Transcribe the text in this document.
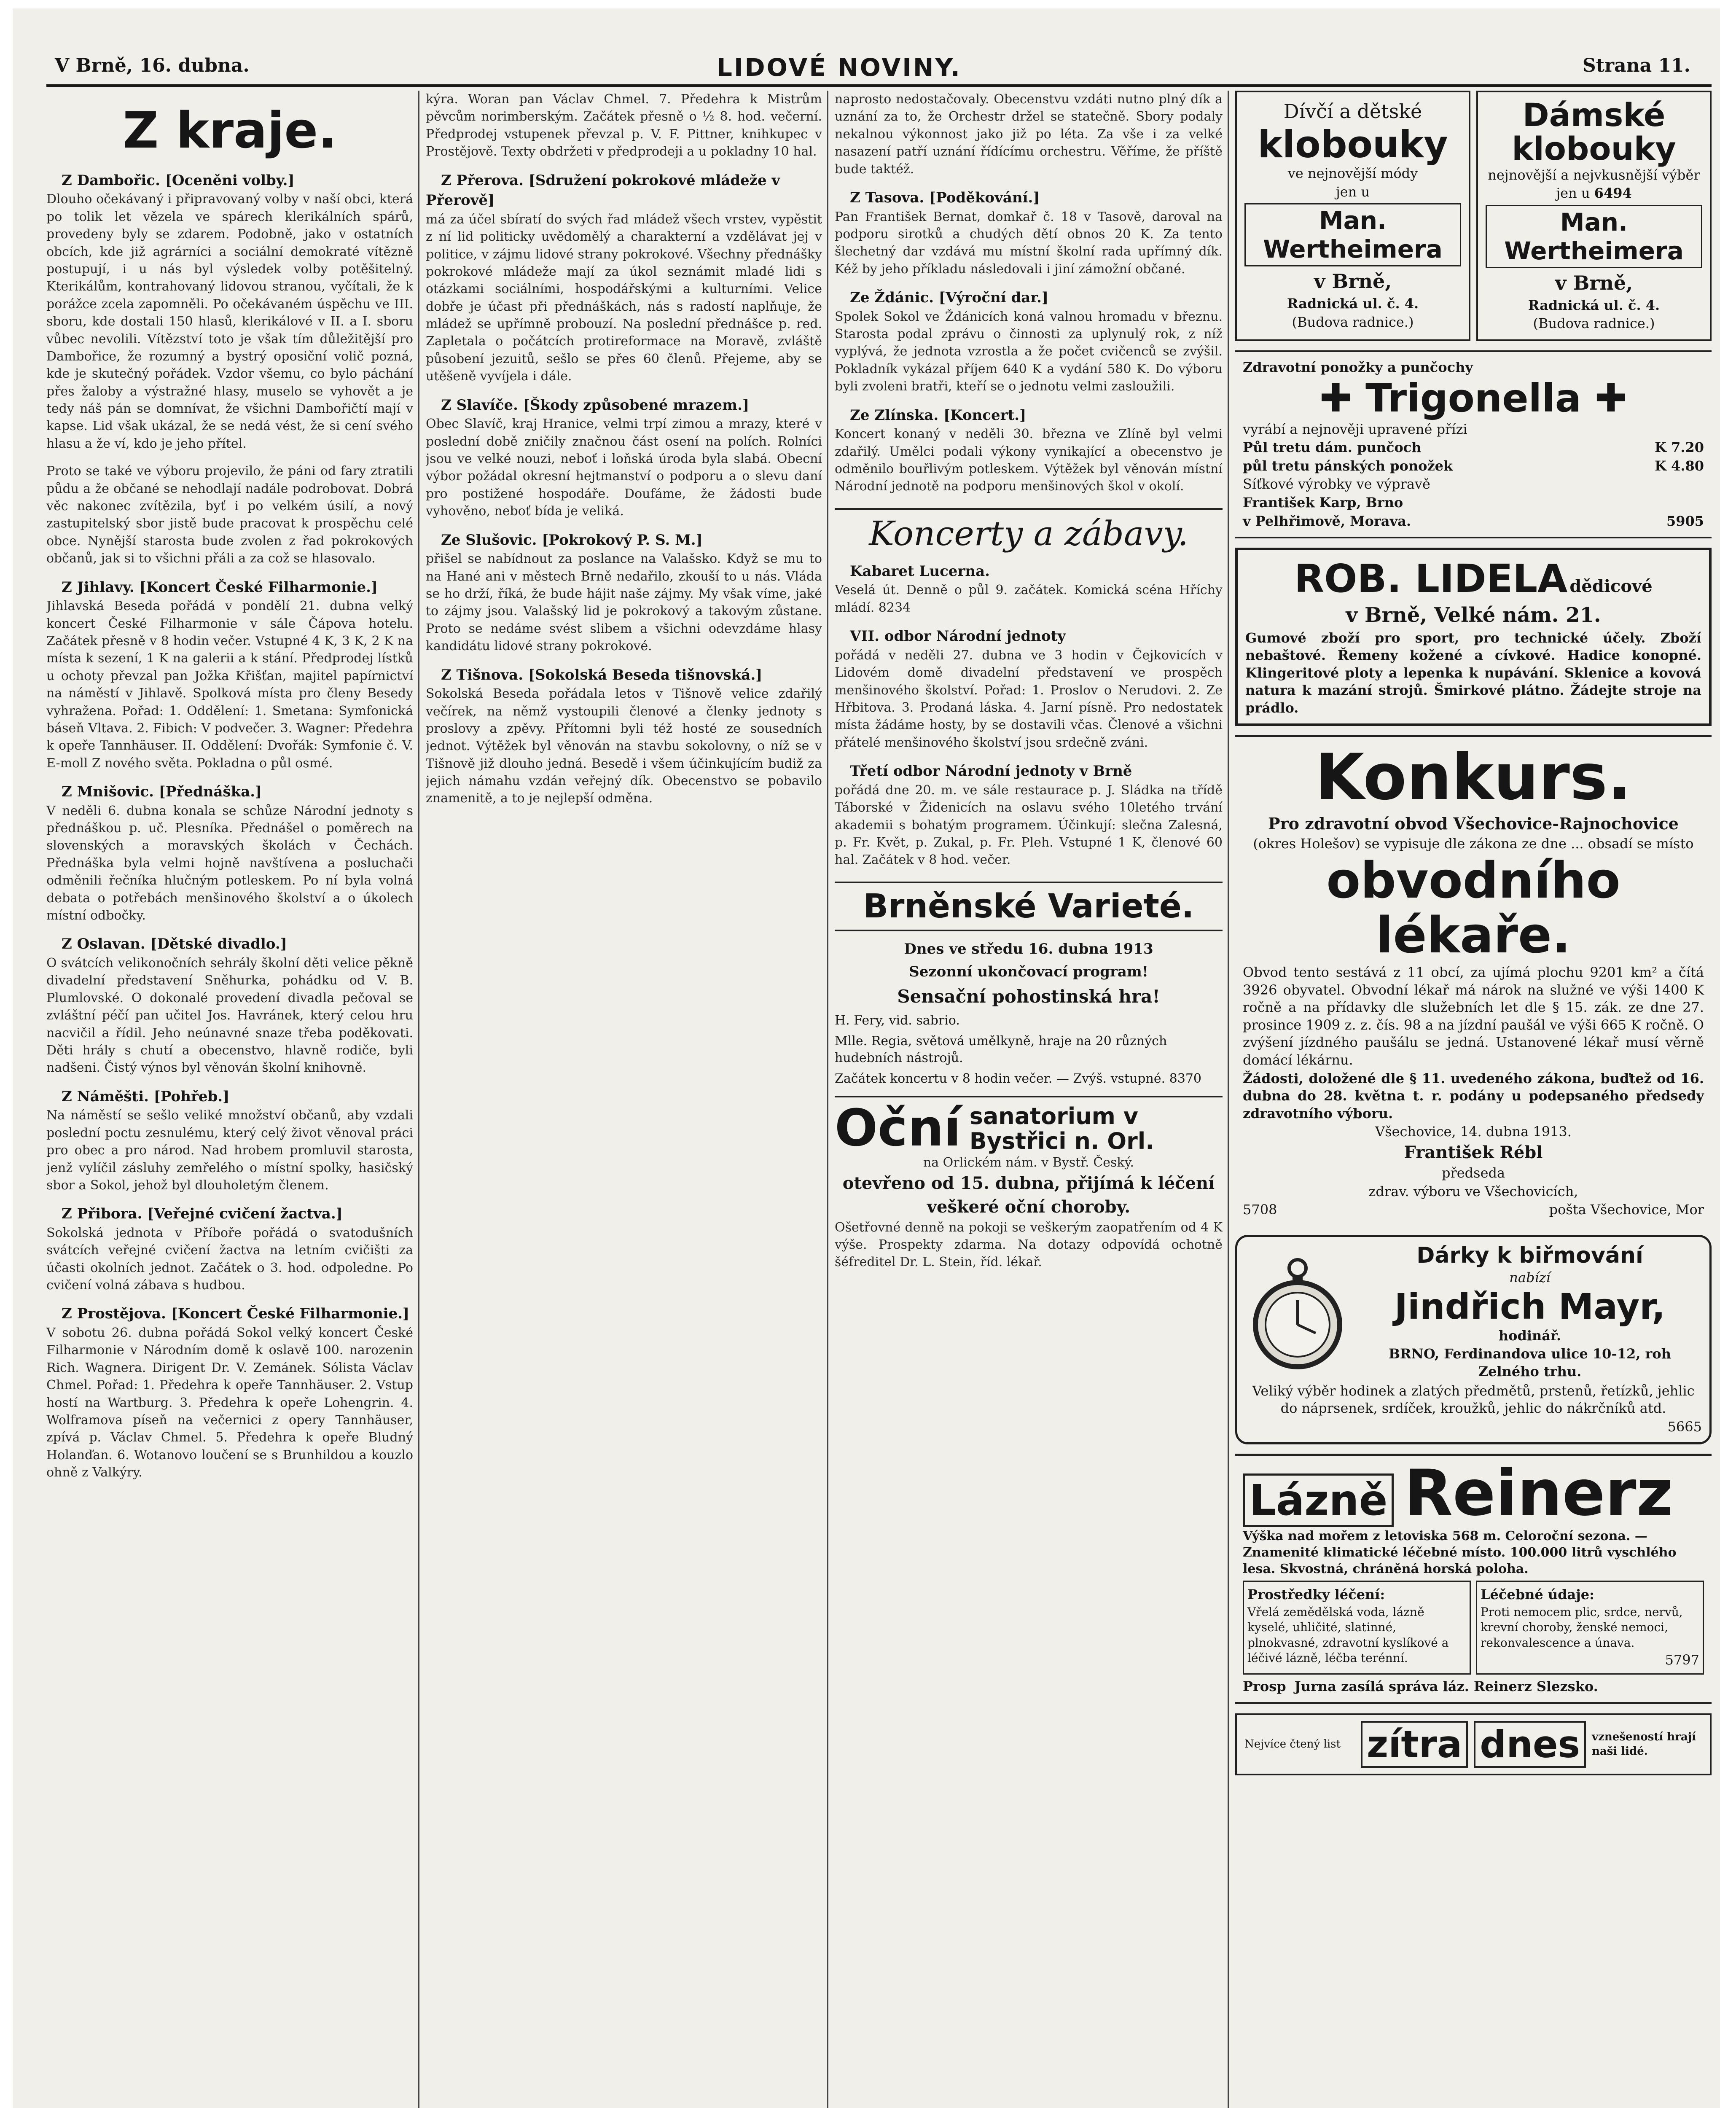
V Brně, 16. dubna.	LIDOVÉ NOVINY.	Strana 11.
Z kraje.

Z Dambořic. [Oceněni volby.]

Dlouho očekávaný i připravovaný volby v naší obci, která po tolik let vězela ve spárech klerikálních spárů, provedeny byly se zdarem. Podobně, jako v ostatních obcích, kde již agrárníci a sociální demokraté vítězně postupují, i u nás byl výsledek volby potěšitelný. Kterikálům, kontrahovaný lidovou stranou, vyčítali, že k porážce zcela zapomněli. Po očekávaném úspěchu ve III. sboru, kde dostali 150 hlasů, klerikálové v II. a I. sboru vůbec nevolili. Vítězství toto je však tím důležitější pro Dambořice, že rozumný a bystrý oposiční volič pozná, kde je skutečný pořádek. Vzdor všemu, co bylo páchání přes žaloby a výstražné hlasy, muselo se vyhovět a je tedy náš pán se domnívat, že všichni Dambořičtí mají v kapse. Lid však ukázal, že se nedá vést, že si cení svého hlasu a že ví, kdo je jeho přítel.

Proto se také ve výboru projevilo, že páni od fary ztratili půdu a že občané se nehodlají nadále podrobovat. Dobrá věc nakonec zvítězila, byť i po velkém úsilí, a nový zastupitelský sbor jistě bude pracovat k prospěchu celé obce. Nynější starosta bude zvolen z řad pokrokových občanů, jak si to všichni přáli a za což se hlasovalo.

Z Jihlavy. [Koncert České Filharmonie.]

Jihlavská Beseda pořádá v pondělí 21. dubna velký koncert České Filharmonie v sále Čápova hotelu. Začátek přesně v 8 hodin večer. Vstupné 4 K, 3 K, 2 K na místa k sezení, 1 K na galerii a k stání. Předprodej lístků u ochoty převzal pan Jožka Křišťan, majitel papírnictví na náměstí v Jihlavě. Spolková místa pro členy Besedy vyhražena. Pořad: 1. Oddělení: 1. Smetana: Symfonická báseň Vltava. 2. Fibich: V podvečer. 3. Wagner: Předehra k opeře Tannhäuser. II. Oddělení: Dvořák: Symfonie č. V. E-moll Z nového světa. Pokladna o půl osmé.

Z Mnišovic. [Přednáška.]

V neděli 6. dubna konala se schůze Národní jednoty s přednáškou p. uč. Plesníka. Přednášel o poměrech na slovenských a moravských školách v Čechách. Přednáška byla velmi hojně navštívena a posluchači odměnili řečníka hlučným potleskem. Po ní byla volná debata o potřebách menšinového školství a o úkolech místní odbočky.

Z Oslavan. [Dětské divadlo.]

O svátcích velikonočních sehrály školní děti velice pěkně divadelní představení Sněhurka, pohádku od V. B. Plumlovské. O dokonalé provedení divadla pečoval se zvláštní péčí pan učitel Jos. Havránek, který celou hru nacvičil a řídil. Jeho neúnavné snaze třeba poděkovati. Děti hrály s chutí a obecenstvo, hlavně rodiče, byli nadšeni. Čistý výnos byl věnován školní knihovně.

Z Náměšti. [Pohřeb.]

Na náměstí se sešlo veliké množství občanů, aby vzdali poslední poctu zesnulému, který celý život věnoval práci pro obec a pro národ. Nad hrobem promluvil starosta, jenž vylíčil zásluhy zemřelého o místní spolky, hasičský sbor a Sokol, jehož byl dlouholetým členem.

Z Přibora. [Veřejné cvičení žactva.]

Sokolská jednota v Příboře pořádá o svatodušních svátcích veřejné cvičení žactva na letním cvičišti za účasti okolních jednot. Začátek o 3. hod. odpoledne. Po cvičení volná zábava s hudbou.

Z Prostějova. [Koncert České Filharmonie.]

V sobotu 26. dubna pořádá Sokol velký koncert České Filharmonie v Národním domě k oslavě 100. narozenin Rich. Wagnera. Dirigent Dr. V. Zemánek. Sólista Václav Chmel. Pořad: 1. Předehra k opeře Tannhäuser. 2. Vstup hostí na Wartburg. 3. Předehra k opeře Lohengrin. 4. Wolframova píseň na večernici z opery Tannhäuser, zpívá p. Václav Chmel. 5. Předehra k opeře Bludný Holanďan. 6. Wotanovo loučení se s Brunhildou a kouzlo ohně z Valkýry.

kýra. Woran pan Václav Chmel. 7. Předehra k Mistrům pěvcům norimberským. Začátek přesně o ½ 8. hod. večerní. Předprodej vstupenek převzal p. V. F. Pittner, knihkupec v Prostějově. Texty obdržeti v předprodeji a u pokladny 10 hal.

Z Přerova. [Sdružení pokrokové mládeže v Přerově]

má za účel sbíratí do svých řad mládež všech vrstev, vypěstit z ní lid politicky uvědomělý a charakterní a vzdělávat jej v politice, v zájmu lidové strany pokrokové. Všechny přednášky pokrokové mládeže mají za úkol seznámit mladé lidi s otázkami sociálními, hospodářskými a kulturními. Velice dobře je účast při přednáškách, nás s radostí naplňuje, že mládež se upřímně probouzí. Na poslední přednášce p. red. Zapletala o počátcích protireformace na Moravě, zvláště působení jezuitů, sešlo se přes 60 členů. Přejeme, aby se utěšeně vyvíjela i dále.

Z Slavíče. [Škody způsobené mrazem.]

Obec Slavíč, kraj Hranice, velmi trpí zimou a mrazy, které v poslední době zničily značnou část osení na polích. Rolníci jsou ve velké nouzi, neboť i loňská úroda byla slabá. Obecní výbor požádal okresní hejtmanství o podporu a o slevu daní pro postižené hospodáře. Doufáme, že žádosti bude vyhověno, neboť bída je veliká.

Ze Slušovic. [Pokrokový P. S. M.]

přišel se nabídnout za poslance na Valašsko. Když se mu to na Hané ani v městech Brně nedařilo, zkouší to u nás. Vláda se ho drží, říká, že bude hájit naše zájmy. My však víme, jaké to zájmy jsou. Valašský lid je pokrokový a takovým zůstane. Proto se nedáme svést slibem a všichni odevzdáme hlasy kandidátu lidové strany pokrokové.

Z Tišnova. [Sokolská Beseda tišnovská.]

Sokolská Beseda pořádala letos v Tišnově velice zdařilý večírek, na němž vystoupili členové a členky jednoty s proslovy a zpěvy. Přítomni byli též hosté ze sousedních jednot. Výtěžek byl věnován na stavbu sokolovny, o níž se v Tišnově již dlouho jedná. Besedě i všem účinkujícím budiž za jejich námahu vzdán veřejný dík. Obecenstvo se pobavilo znamenitě, a to je nejlepší odměna.

naprosto nedostačovaly. Obecenstvu vzdáti nutno plný dík a uznání za to, že Orchestr držel se statečně. Sbory podaly nekalnou výkonnost jako již po léta. Za vše i za velké nasazení patří uznání řídícímu orchestru. Věříme, že příště bude taktéž.

Z Tasova. [Poděkování.]

Pan František Bernat, domkař č. 18 v Tasově, daroval na podporu sirotků a chudých dětí obnos 20 K. Za tento šlechetný dar vzdává mu místní školní rada upřímný dík. Kéž by jeho příkladu následovali i jiní zámožní občané.

Ze Ždánic. [Výroční dar.]

Spolek Sokol ve Ždánicích koná valnou hromadu v březnu. Starosta podal zprávu o činnosti za uplynulý rok, z níž vyplývá, že jednota vzrostla a že počet cvičenců se zvýšil. Pokladník vykázal příjem 640 K a vydání 580 K. Do výboru byli zvoleni bratři, kteří se o jednotu velmi zasloužili.

Ze Zlínska. [Koncert.]

Koncert konaný v neděli 30. března ve Zlíně byl velmi zdařilý. Umělci podali výkony vynikající a obecenstvo je odměnilo bouřlivým potleskem. Výtěžek byl věnován místní Národní jednotě na podporu menšinových škol v okolí.

Koncerty a zábavy.

Kabaret Lucerna.

Veselá út. Denně o půl 9. začátek. Komická scéna Hříchy mládí. 8234

VII. odbor Národní jednoty

pořádá v neděli 27. dubna ve 3 hodin v Čejkovicích v Lidovém domě divadelní představení ve prospěch menšinového školství. Pořad: 1. Proslov o Nerudovi. 2. Ze Hřbitova. 3. Prodaná láska. 4. Jarní písně. Pro nedostatek místa žádáme hosty, by se dostavili včas. Členové a všichni přátelé menšinového školství jsou srdečně zváni.

Třetí odbor Národní jednoty v Brně

pořádá dne 20. m. ve sále restaurace p. J. Sládka na třídě Táborské v Židenicích na oslavu svého 10letého trvání akademii s bohatým programem. Účinkují: slečna Zalesná, p. Fr. Květ, p. Zukal, p. Fr. Pleh. Vstupné 1 K, členové 60 hal. Začátek v 8 hod. večer.

Brněnské Varieté.

Dnes ve středu 16. dubna 1913

Sezonní ukončovací program!

Sensační pohostinská hra!

H. Fery, vid. sabrio.

Mlle. Regia, světová umělkyně, hraje na 20 různých hudebních nástrojů.

Začátek koncertu v 8 hodin večer. — Zvýš. vstupné. 8370

Oční sanatorium v Bystřici n. Orl.

na Orlickém nám. v Bystř. Český.

otevřeno od 15. dubna, přijímá k léčení veškeré oční choroby.

Ošetřovné denně na pokoji se veškerým zaopatřením od 4 K výše. Prospekty zdarma. Na dotazy odpovídá ochotně šéfreditel Dr. L. Stein, říd. lékař.

Dívčí a dětské
klobouky
ve nejnovější módy
jen u
Man. Wertheimera
v Brně,
Radnická ul. č. 4.
(Budova radnice.)
Dámské
klobouky
nejnovější a nejvkusnější výběr
jen u 6494
Man. Wertheimera
v Brně,
Radnická ul. č. 4.
(Budova radnice.)
Zdravotní ponožky a punčochy
✚ Trigonella ✚
vyrábí a nejnověji upravené přízi
Půl tretu dám. punčoch	K 7.20
půl tretu pánských ponožek	K 4.80
Síťkové výrobky ve výpravě
František Karp, Brno
v Pelhřimově, Morava.	5905
ROB. LIDELA dědicové
v Brně, Velké nám. 21.
Gumové zboží pro sport, pro technické účely. Zboží nebaštové. Řemeny kožené a cívkové. Hadice konopné. Klingeritové ploty a lepenka k nupávání. Sklenice a kovová natura k mazání strojů. Šmirkové plátno. Žádejte stroje na prádlo.
Konkurs.
Pro zdravotní obvod Všechovice-Rajnochovice
(okres Holešov) se vypisuje dle zákona ze dne ... obsadí se místo
obvodního
lékaře.
Obvod tento sestává z 11 obcí, za ujímá plochu 9201 km² a čítá 3926 obyvatel. Obvodní lékař má nárok na služné ve výši 1400 K ročně a na přídavky dle služebních let dle § 15. zák. ze dne 27. prosince 1909 z. z. čís. 98 a na jízdní paušál ve výši 665 K ročně. O zvýšení jízdného paušálu se jedná. Ustanovené lékař musí věrně domácí lékárnu.
Žádosti, doložené dle § 11. uvedeného zákona, buďtež od 16. dubna do 28. května t. r. podány u podepsaného předsedy zdravotního výboru.
Všechovice, 14. dubna 1913.
František Rébl
předseda
zdrav. výboru ve Všechovicích,
5708	pošta Všechovice, Mor
Dárky k biřmování
nabízí
Jindřich Mayr,
hodinář.
BRNO, Ferdinandova ulice 10-12, roh Zelného trhu.
Veliký výběr hodinek a zlatých předmětů, prstenů, řetízků, jehlic do náprsenek, srdíček, kroužků, jehlic do nákrčníků atd.
5665
Lázně Reinerz
Výška nad mořem z letoviska 568 m. Celoroční sezona. — Znamenité klimatické léčebné místo. 100.000 litrů vyschlého lesa. Skvostná, chráněná horská poloha.
Prostředky léčení:
Vřelá zemědělská voda, lázně kyselé, uhličité, slatinné, plnokvasné, zdravotní kyslíkové a léčivé lázně, léčba terénní.
Léčebné údaje:
Proti nemocem plic, srdce, nervů, krevní choroby, ženské nemoci, rekonvalescence a únava.
5797
Prosp Jurna zasílá správa láz. Reinerz Slezsko.
Nejvíce čtený list zítra dnes	vznešeností hrají naši lidé.
